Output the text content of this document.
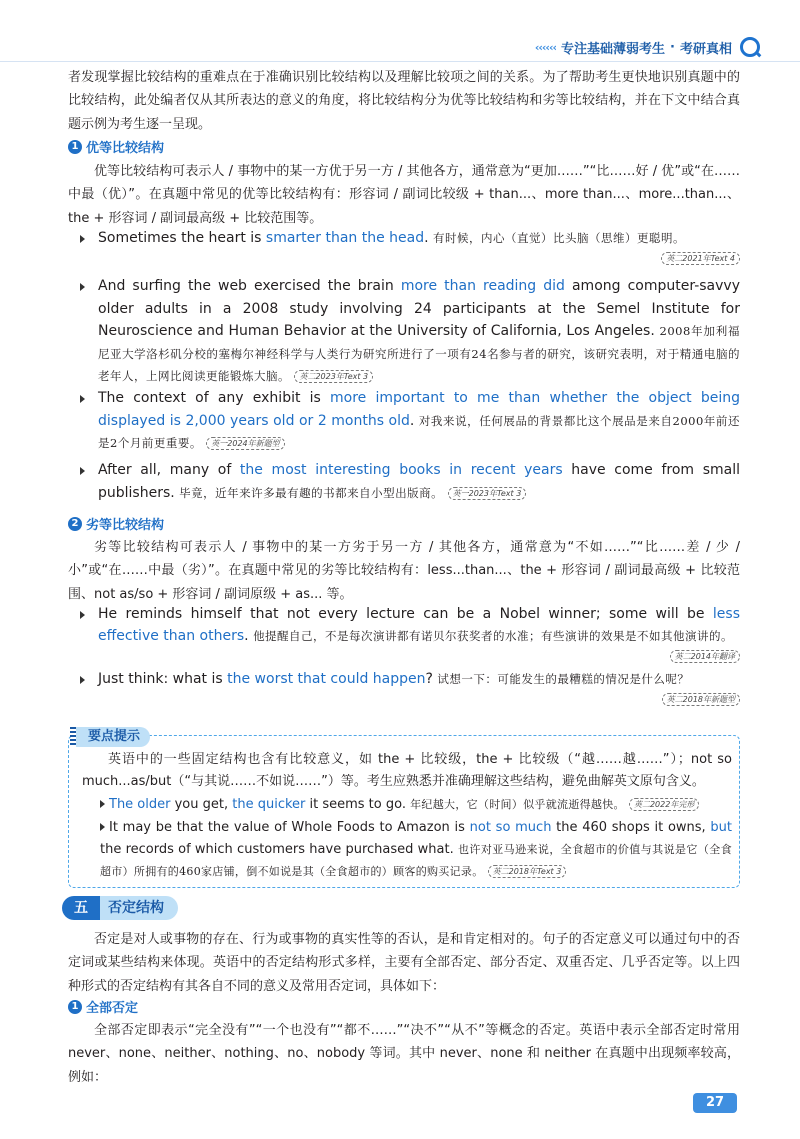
‹‹‹‹‹‹ 专注基础薄弱考生 · 考研真相
者发现掌握比较结构的重难点在于准确识别比较结构以及理解比较项之间的关系。为了帮助考生更快地识别真题中的比较结构，此处编者仅从其所表达的意义的角度，将比较结构分为优等比较结构和劣等比较结构，并在下文中结合真题示例为考生逐一呈现。
1 优等比较结构
优等比较结构可表示人 / 事物中的某一方优于另一方 / 其他各方，通常意为“更加……”“比……好 / 优”或“在……中最（优）”。在真题中常见的优等比较结构有：形容词 / 副词比较级 + than...、more than...、more...than...、the + 形容词 / 副词最高级 + 比较范围等。
Sometimes the heart is smarter than the head. 有时候，内心（直觉）比头脑（思维）更聪明。
英二2021年Text 4
And surfing the web exercised the brain more than reading did among computer-savvy older adults in a 2008 study involving 24 participants at the Semel Institute for Neuroscience and Human Behavior at the University of California, Los Angeles. 2008年加利福尼亚大学洛杉矶分校的塞梅尔神经科学与人类行为研究所进行了一项有24名参与者的研究，该研究表明，对于精通电脑的老年人，上网比阅读更能锻炼大脑。 英二2023年Text 3
The context of any exhibit is more important to me than whether the object being displayed is 2,000 years old or 2 months old. 对我来说，任何展品的背景都比这个展品是来自2000年前还是2个月前更重要。 英一2024年新题型
After all, many of the most interesting books in recent years have come from small publishers. 毕竟，近年来许多最有趣的书都来自小型出版商。 英一2023年Text 3
2 劣等比较结构
劣等比较结构可表示人 / 事物中的某一方劣于另一方 / 其他各方，通常意为“不如……”“比……差 / 少 / 小”或“在……中最（劣）”。在真题中常见的劣等比较结构有：less...than...、the + 形容词 / 副词最高级 + 比较范围、not as/so + 形容词 / 副词原级 + as... 等。
He reminds himself that not every lecture can be a Nobel winner; some will be less effective than others. 他提醒自己，不是每次演讲都有诺贝尔获奖者的水准；有些演讲的效果是不如其他演讲的。
英二2014年翻译
Just think: what is the worst that could happen? 试想一下：可能发生的最糟糕的情况是什么呢？
英二2018年新题型
要点提示
英语中的一些固定结构也含有比较意义，如 the + 比较级，the + 比较级（“越……越……”）；not so much...as/but（“与其说……不如说……”）等。考生应熟悉并准确理解这些结构，避免曲解英文原句含义。
The older you get, the quicker it seems to go. 年纪越大，它（时间）似乎就流逝得越快。 英二2022年完形
It may be that the value of Whole Foods to Amazon is not so much the 460 shops it owns, but the records of which customers have purchased what. 也许对亚马逊来说，全食超市的价值与其说是它（全食超市）所拥有的460家店铺，倒不如说是其（全食超市的）顾客的购买记录。 英二2018年Text 3
五	否定结构
否定是对人或事物的存在、行为或事物的真实性等的否认，是和肯定相对的。句子的否定意义可以通过句中的否定词或某些结构来体现。英语中的否定结构形式多样，主要有全部否定、部分否定、双重否定、几乎否定等。以上四种形式的否定结构有其各自不同的意义及常用否定词，具体如下：
1 全部否定
全部否定即表示“完全没有”“一个也没有”“都不……”“决不”“从不”等概念的否定。英语中表示全部否定时常用 never、none、neither、nothing、no、nobody 等词。其中 never、none 和 neither 在真题中出现频率较高，例如：
27
